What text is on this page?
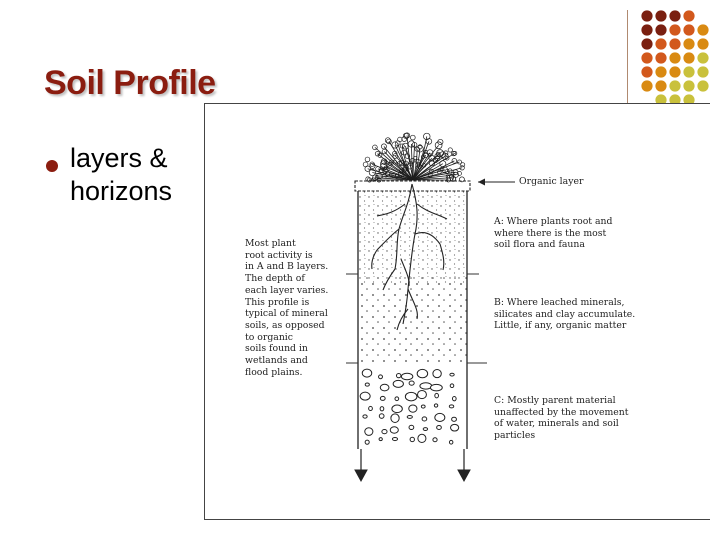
Soil Profile
layers &
horizons	Organic layer
A: Where plants root and
where there is the most
soil flora and fauna
B: Where leached minerals,
silicates and clay accumulate.
Little, if any, organic matter
C: Mostly parent material
unaffected by the movement
of water, minerals and soil
particles
Most plant
root activity is
in A and B layers.
The depth of
each layer varies.
This profile is
typical of mineral
soils, as opposed
to organic
soils found in
wetlands and
flood plains.
